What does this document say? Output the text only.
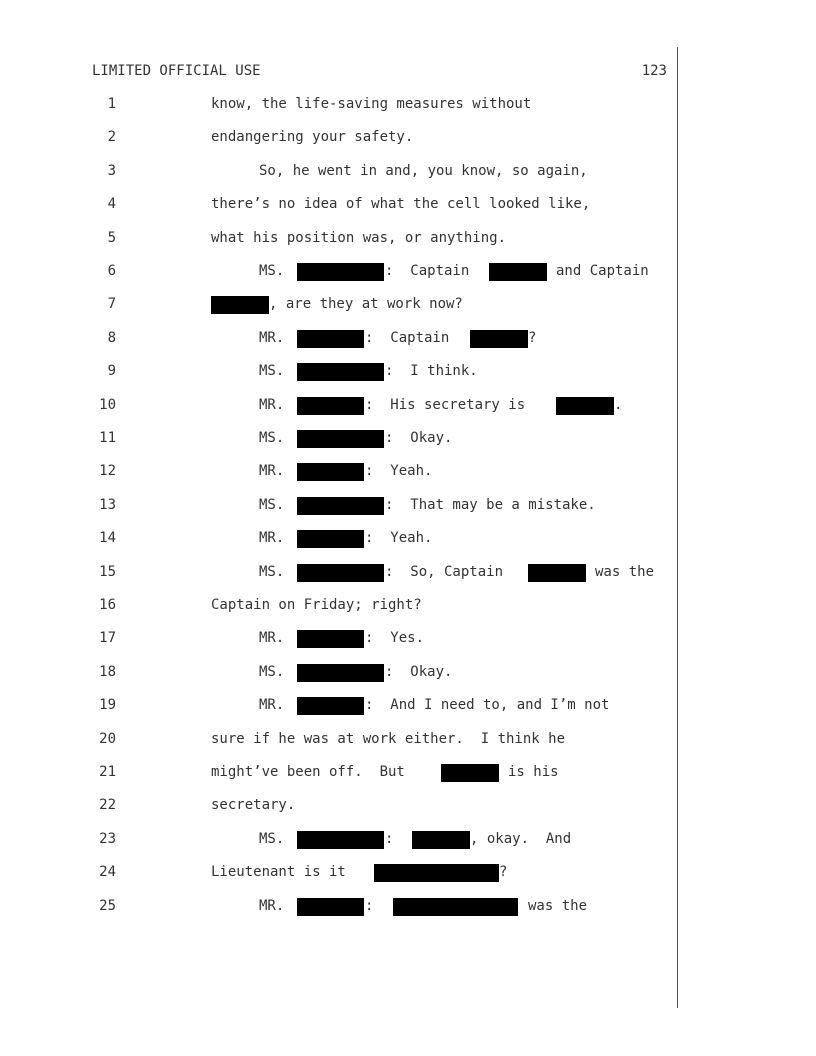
LIMITED OFFICIAL USE	123
1	know, the life-saving measures without
2	endangering your safety.
3	So, he went in and, you know, so again,
4	there’s no idea of what the cell looked like,
5	what his position was, or anything.
6	MS.	:  Captain	and Captain
7	, are they at work now?
8	MR.	:  Captain	?
9	MS.	:  I think.
10	MR.	:  His secretary is	.
11	MS.	:  Okay.
12	MR.	:  Yeah.
13	MS.	:  That may be a mistake.
14	MR.	:  Yeah.
15	MS.	:  So, Captain	was the
16	Captain on Friday; right?
17	MR.	:  Yes.
18	MS.	:  Okay.
19	MR.	:  And I need to, and I’m not
20	sure if he was at work either.  I think he
21	might’ve been off.  But	is his
22	secretary.
23	MS.	:	, okay.  And
24	Lieutenant is it	?
25	MR.	:	was the
